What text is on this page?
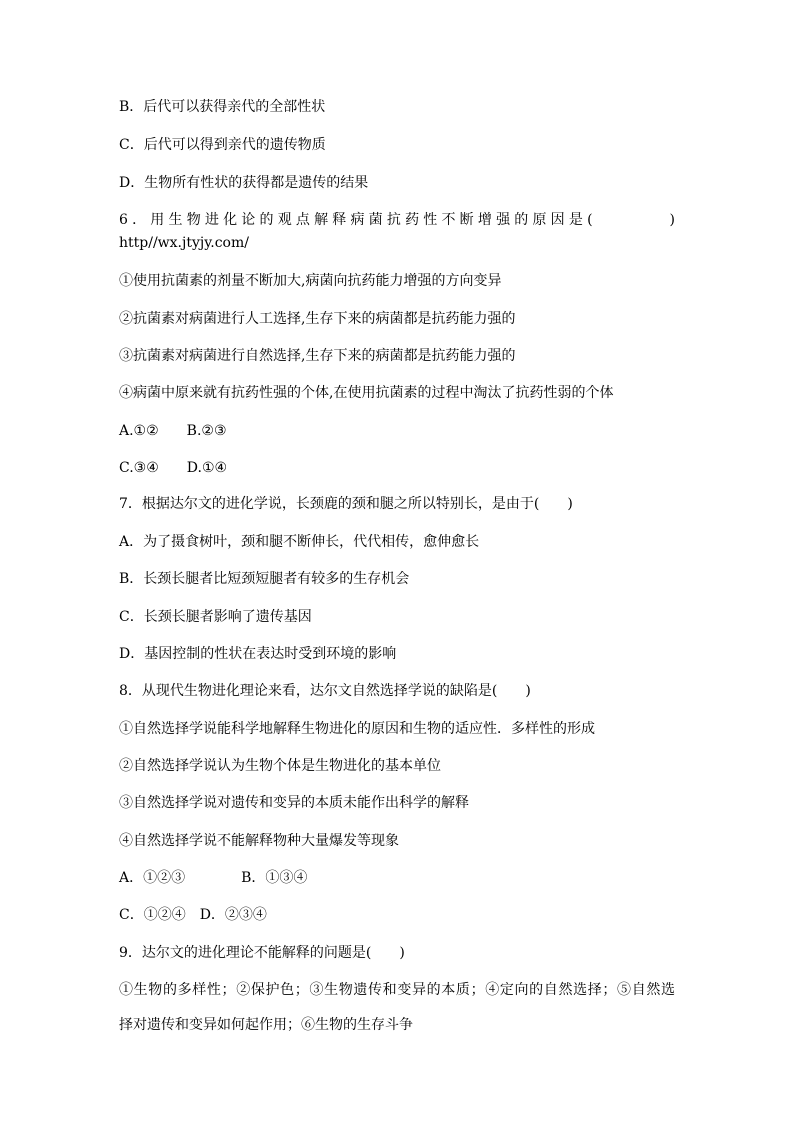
B．后代可以获得亲代的全部性状
C．后代可以得到亲代的遗传物质
D．生物所有性状的获得都是遗传的结果
6．用生物进化论的观点解释病菌抗药性不断增强的原因是(　　　　)
http//wx.jtyjy.com/
①使用抗菌素的剂量不断加大,病菌向抗药能力增强的方向变异
②抗菌素对病菌进行人工选择,生存下来的病菌都是抗药能力强的
③抗菌素对病菌进行自然选择,生存下来的病菌都是抗药能力强的
④病菌中原来就有抗药性强的个体,在使用抗菌素的过程中淘汰了抗药性弱的个体
A.①②　　B.②③
C.③④　　D.①④
7．根据达尔文的进化学说，长颈鹿的颈和腿之所以特别长，是由于(　　)
A．为了摄食树叶，颈和腿不断伸长，代代相传，愈伸愈长
B．长颈长腿者比短颈短腿者有较多的生存机会
C．长颈长腿者影响了遗传基因
D．基因控制的性状在表达时受到环境的影响
8．从现代生物进化理论来看，达尔文自然选择学说的缺陷是(　　)
①自然选择学说能科学地解释生物进化的原因和生物的适应性．多样性的形成
②自然选择学说认为生物个体是生物进化的基本单位
③自然选择学说对遗传和变异的本质未能作出科学的解释
④自然选择学说不能解释物种大量爆发等现象
A．①②③　　　　B．①③④
C．①②④　D．②③④
9．达尔文的进化理论不能解释的问题是(　　)
①生物的多样性；②保护色；③生物遗传和变异的本质；④定向的自然选择；⑤自然选
择对遗传和变异如何起作用；⑥生物的生存斗争
